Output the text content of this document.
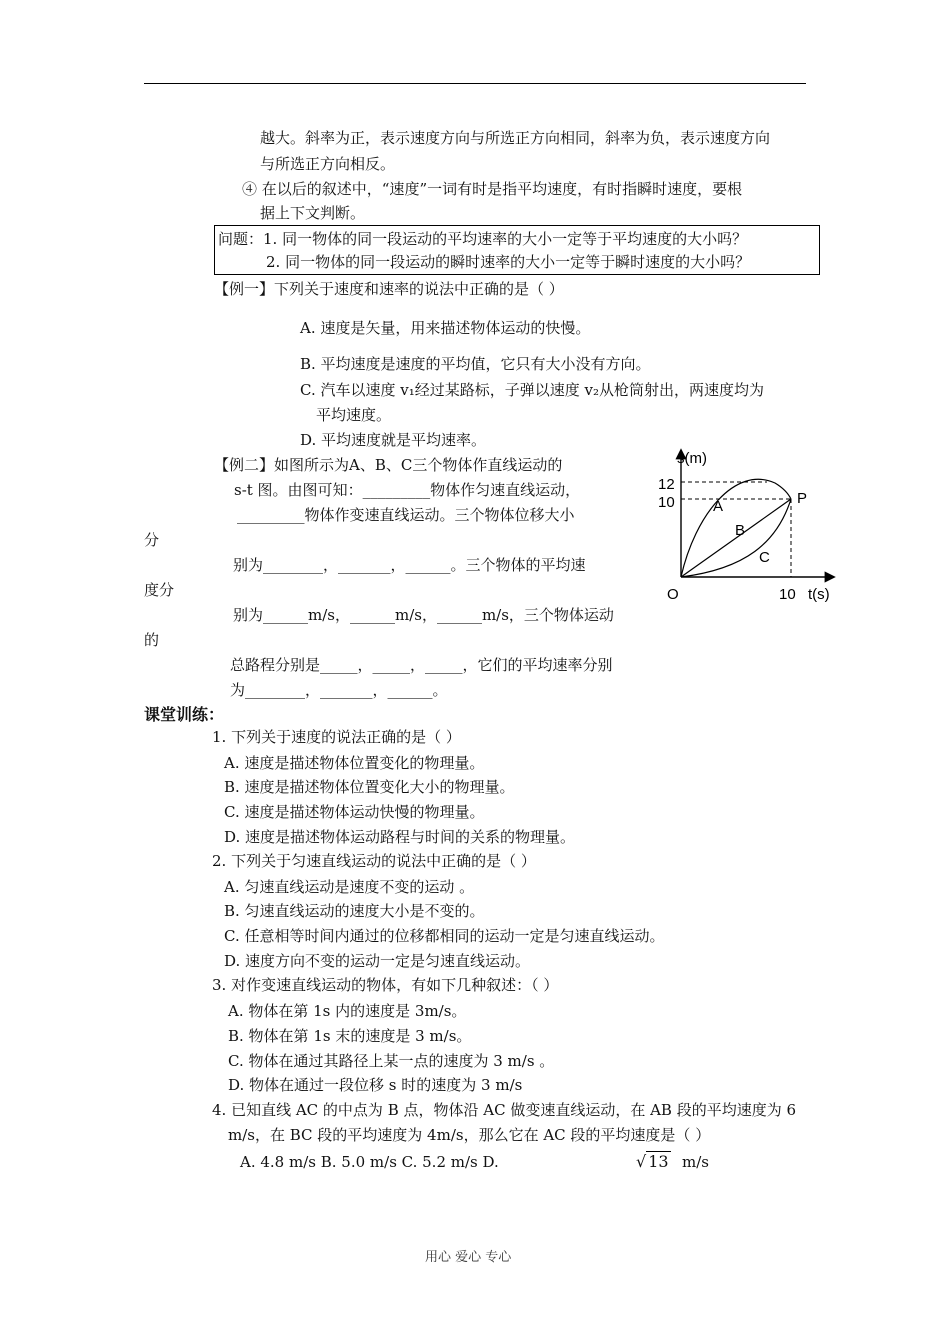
越大。斜率为正，表示速度方向与所选正方向相同，斜率为负，表示速度方向
与所选正方向相反。
④ 在以后的叙述中，“速度”一词有时是指平均速度，有时指瞬时速度，要根
据上下文判断。
问题：1. 同一物体的同一段运动的平均速率的大小一定等于平均速度的大小吗？
2. 同一物体的同一段运动的瞬时速率的大小一定等于瞬时速度的大小吗？
【例一】下列关于速度和速率的说法中正确的是（ ）
A. 速度是矢量，用来描述物体运动的快慢。
B. 平均速度是速度的平均值，它只有大小没有方向。
C. 汽车以速度 v₁经过某路标，子弹以速度 v₂从枪筒射出，两速度均为
平均速度。
D. 平均速度就是平均速率。
【例二】如图所示为A、B、C三个物体作直线运动的
s-t 图。由图可知：_________物体作匀速直线运动，
_________物体作变速直线运动。三个物体位移大小
分
别为________，_______，______。三个物体的平均速
度分
别为______m/s，______m/s，______m/s，三个物体运动
的
总路程分别是_____，_____，_____，它们的平均速率分别
为________，_______，______。
s(m)
t(s)
12
10
10
O
P
A
B
C
课堂训练：
1. 下列关于速度的说法正确的是（ ）
A. 速度是描述物体位置变化的物理量。
B. 速度是描述物体位置变化大小的物理量。
C. 速度是描述物体运动快慢的物理量。
D. 速度是描述物体运动路程与时间的关系的物理量。
2. 下列关于匀速直线运动的说法中正确的是（ ）
A. 匀速直线运动是速度不变的运动 。
B. 匀速直线运动的速度大小是不变的。
C. 任意相等时间内通过的位移都相同的运动一定是匀速直线运动。
D. 速度方向不变的运动一定是匀速直线运动。
3. 对作变速直线运动的物体，有如下几种叙述：（ ）
A. 物体在第 1s 内的速度是 3m/s。
B. 物体在第 1s 末的速度是 3 m/s。
C. 物体在通过其路径上某一点的速度为 3 m/s 。
D. 物体在通过一段位移 s 时的速度为 3 m/s
4. 已知直线 AC 的中点为 B 点，物体沿 AC 做变速直线运动，在 AB 段的平均速度为 6
m/s，在 BC 段的平均速度为 4m/s，那么它在 AC 段的平均速度是（ ）
A. 4.8 m/s B. 5.0 m/s C. 5.2 m/s D.	√ 13 m/s
用心 爱心 专心
